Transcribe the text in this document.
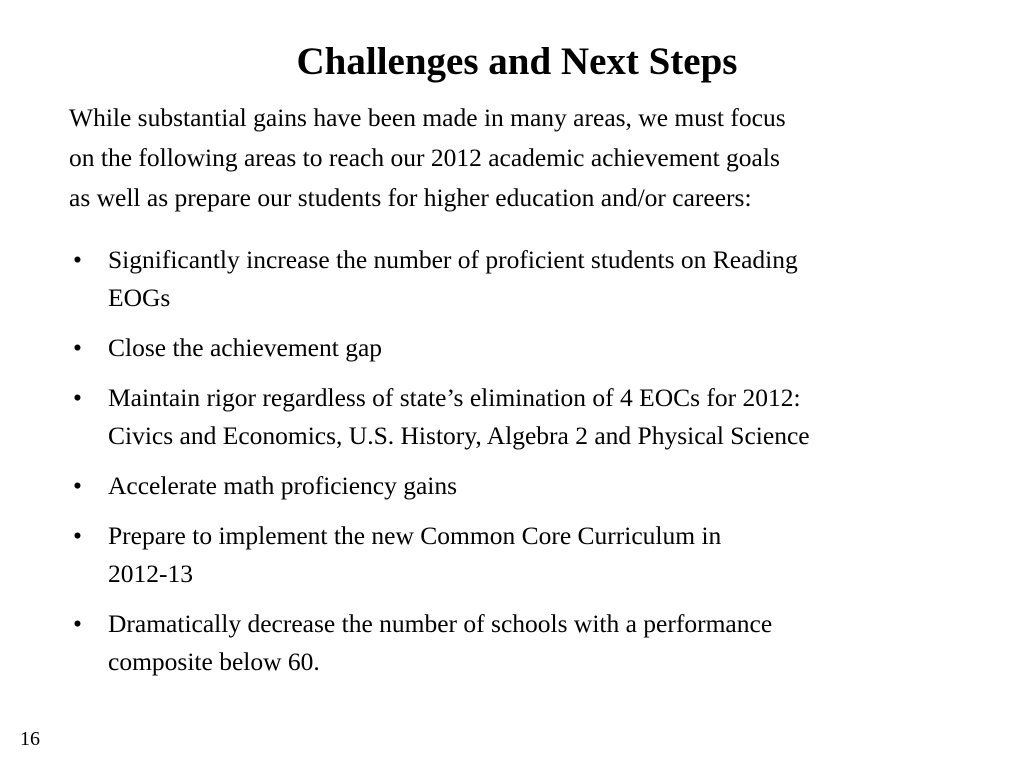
Challenges and Next Steps

While substantial gains have been made in many areas, we must focus
on the following areas to reach our 2012 academic achievement goals
as well as prepare our students for higher education and/or careers:

• Significantly increase the number of proficient students on Reading
EOGs
• Close the achievement gap
• Maintain rigor regardless of state’s elimination of 4 EOCs for 2012:
Civics and Economics, U.S. History, Algebra 2 and Physical Science
• Accelerate math proficiency gains
• Prepare to implement the new Common Core Curriculum in
2012-13
• Dramatically decrease the number of schools with a performance
composite below 60.
16
